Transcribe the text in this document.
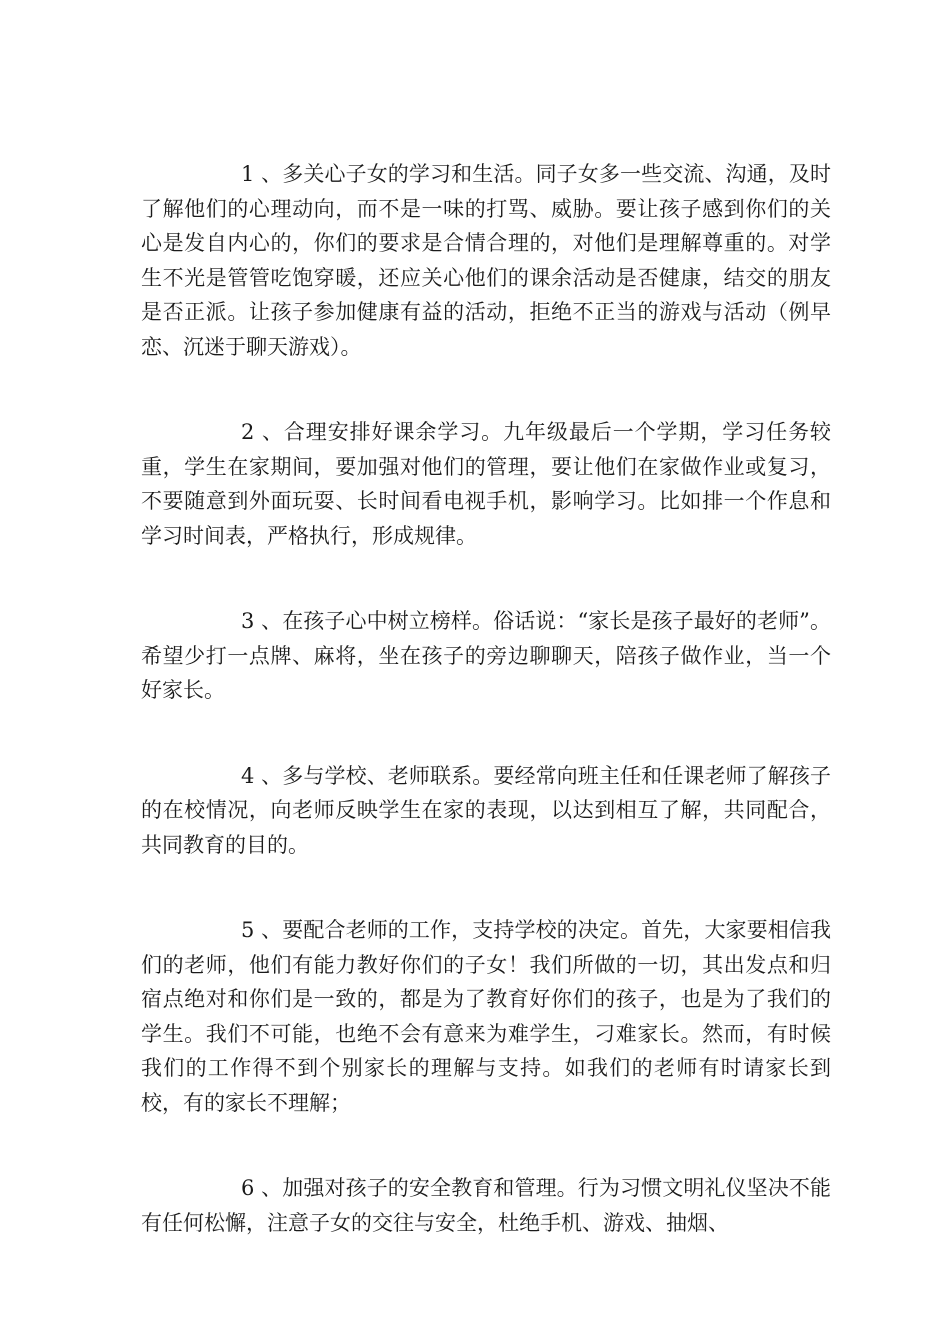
1 、多关心子女的学习和生活。同子女多一些交流、沟通，及时了解他们的心理动向，而不是一味的打骂、威胁。要让孩子感到你们的关心是发自内心的，你们的要求是合情合理的，对他们是理解尊重的。对学生不光是管管吃饱穿暖，还应关心他们的课余活动是否健康，结交的朋友是否正派。让孩子参加健康有益的活动，拒绝不正当的游戏与活动（例早恋、沉迷于聊天游戏）。

2 、合理安排好课余学习。九年级最后一个学期，学习任务较重，学生在家期间，要加强对他们的管理，要让他们在家做作业或复习，不要随意到外面玩耍、长时间看电视手机，影响学习。比如排一个作息和学习时间表，严格执行，形成规律。

3 、在孩子心中树立榜样。俗话说：“家长是孩子最好的老师”。希望少打一点牌、麻将，坐在孩子的旁边聊聊天，陪孩子做作业，当一个好家长。

4 、多与学校、老师联系。要经常向班主任和任课老师了解孩子的在校情况，向老师反映学生在家的表现，以达到相互了解，共同配合，共同教育的目的。

5 、要配合老师的工作，支持学校的决定。首先，大家要相信我们的老师，他们有能力教好你们的子女！我们所做的一切，其出发点和归宿点绝对和你们是一致的，都是为了教育好你们的孩子，也是为了我们的学生。我们不可能，也绝不会有意来为难学生，刁难家长。然而，有时候我们的工作得不到个别家长的理解与支持。如我们的老师有时请家长到校，有的家长不理解；

6 、加强对孩子的安全教育和管理。行为习惯文明礼仪坚决不能有任何松懈，注意子女的交往与安全，杜绝手机、游戏、抽烟、
